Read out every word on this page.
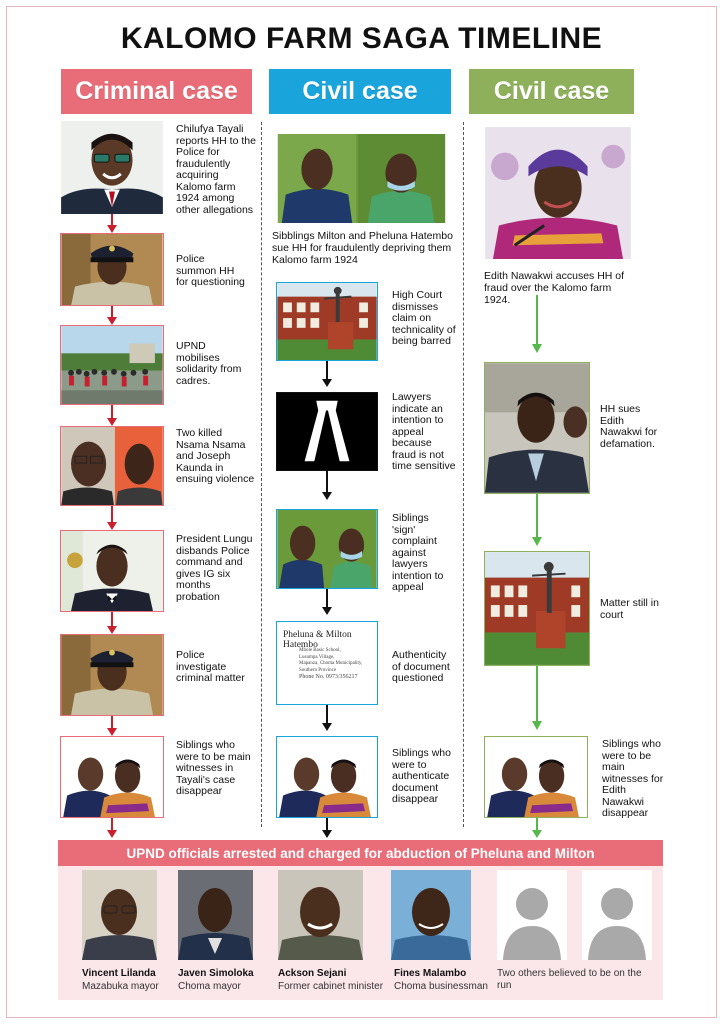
KALOMO FARM SAGA TIMELINE
Criminal case	Civil case	Civil case
Chilufya Tayali reports HH to the Police for fraudulently acquiring Kalomo farm 1924 among other allegations
Police summon HH for questioning
UPND mobilises solidarity from cadres.
Two killed Nsama Nsama and Joseph Kaunda in ensuing violence
President Lungu disbands Police command and gives IG six months probation
Police investigate criminal matter
Siblings who were to be main witnesses in Tayali's case disappear
Sibblings Milton and Pheluna Hatembo sue HH for fraudulently depriving them Kalomo farm 1924
High Court dismisses claim on technicality of being barred
Lawyers indicate an intention to appeal because fraud is not time sensitive
Siblings 'sign' complaint against lawyers intention to appeal
Pheluna & Milton Hatembo
Mbole Basic School,
Lusumpa Village,
Mapanza, Choma Municipality,
Southern Province
Phone No. 0973/356217
Authenticity of document questioned
Siblings who were to authenticate document disappear
Edith Nawakwi accuses HH of fraud over the Kalomo farm 1924.
HH sues Edith Nawakwi for defamation.
Matter still in court
Siblings who were to be main witnesses for Edith Nawakwi disappear
UPND officials arrested and charged for abduction of Pheluna and Milton
Vincent Lilanda
Mazabuka mayor
Javen Simoloka
Choma mayor
Ackson Sejani
Former cabinet minister
Fines Malambo
Choma businessman
Two others believed to be on the run
